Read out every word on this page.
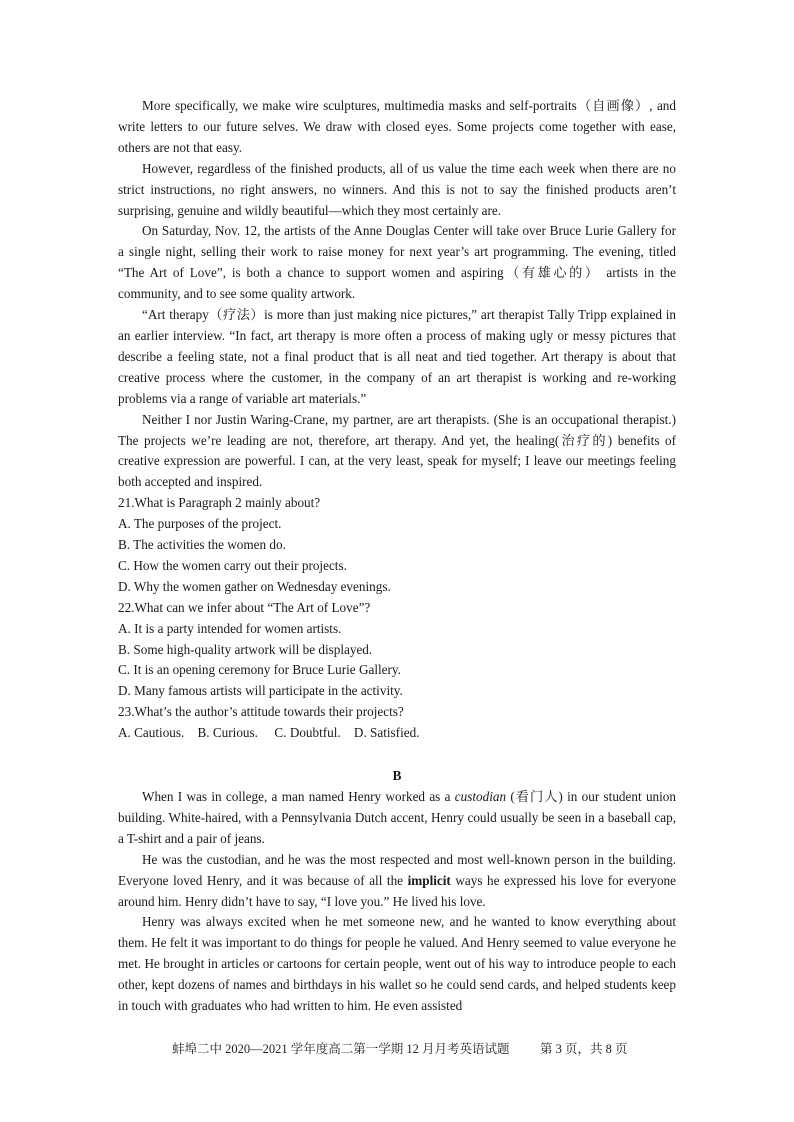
More specifically, we make wire sculptures, multimedia masks and self-portraits（自画像）, and write letters to our future selves. We draw with closed eyes. Some projects come together with ease, others are not that easy.

However, regardless of the finished products, all of us value the time each week when there are no strict instructions, no right answers, no winners. And this is not to say the finished products aren’t surprising, genuine and wildly beautiful—which they most certainly are.

On Saturday, Nov. 12, the artists of the Anne Douglas Center will take over Bruce Lurie Gallery for a single night, selling their work to raise money for next year’s art programming. The evening, titled “The Art of Love”, is both a chance to support women and aspiring（有雄心的） artists in the community, and to see some quality artwork.

“Art therapy（疗法）is more than just making nice pictures,” art therapist Tally Tripp explained in an earlier interview. “In fact, art therapy is more often a process of making ugly or messy pictures that describe a feeling state, not a final product that is all neat and tied together. Art therapy is about that creative process where the customer, in the company of an art therapist is working and re-working problems via a range of variable art materials.”

Neither I nor Justin Waring-Crane, my partner, are art therapists. (She is an occupational therapist.) The projects we’re leading are not, therefore, art therapy. And yet, the healing(治疗的) benefits of creative expression are powerful. I can, at the very least, speak for myself; I leave our meetings feeling both accepted and inspired.

21.What is Paragraph 2 mainly about?

A. The purposes of the project.

B. The activities the women do.

C. How the women carry out their projects.

D. Why the women gather on Wednesday evenings.

22.What can we infer about “The Art of Love”?

A. It is a party intended for women artists.

B. Some high-quality artwork will be displayed.

C. It is an opening ceremony for Bruce Lurie Gallery.

D. Many famous artists will participate in the activity.

23.What’s the author’s attitude towards their projects?

A. Cautious.    B. Curious.     C. Doubtful.    D. Satisfied.

B

When I was in college, a man named Henry worked as a custodian (看门人) in our student union building. White-haired, with a Pennsylvania Dutch accent, Henry could usually be seen in a baseball cap, a T-shirt and a pair of jeans.

He was the custodian, and he was the most respected and most well-known person in the building. Everyone loved Henry, and it was because of all the implicit ways he expressed his love for everyone around him. Henry didn’t have to say, “I love you.” He lived his love.

Henry was always excited when he met someone new, and he wanted to know everything about them. He felt it was important to do things for people he valued. And Henry seemed to value everyone he met. He brought in articles or cartoons for certain people, went out of his way to introduce people to each other, kept dozens of names and birthdays in his wallet so he could send cards, and helped students keep in touch with graduates who had written to him. He even assisted

蚌埠二中 2020—2021 学年度高二第一学期 12 月月考英语试题 第 3 页，共 8 页
